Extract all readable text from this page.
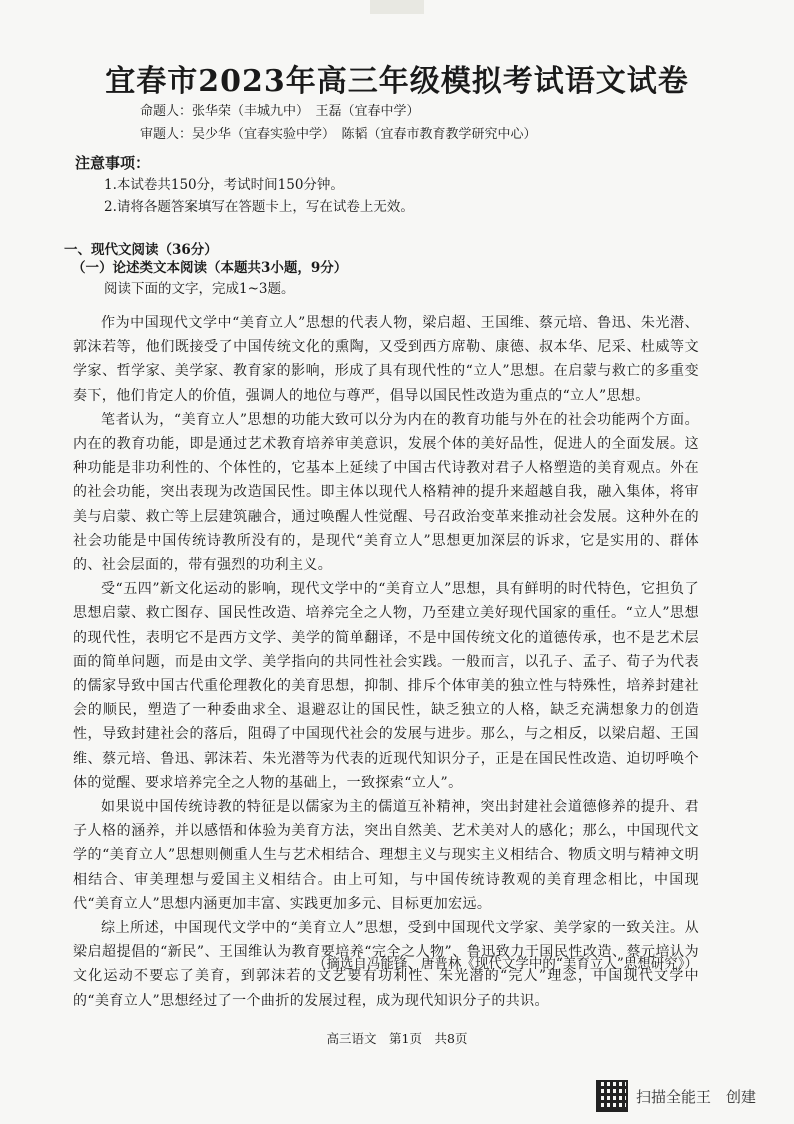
宜春市2023年高三年级模拟考试语文试卷
命题人：张华荣（丰城九中）　王磊（宜春中学）
审题人：吴少华（宜春实验中学）　陈韬（宜春市教育教学研究中心）
注意事项：
1.本试卷共150分，考试时间150分钟。
2.请将各题答案填写在答题卡上，写在试卷上无效。
一、现代文阅读（36分）
（一）论述类文本阅读（本题共3小题，9分）
阅读下面的文字，完成1~3题。

作为中国现代文学中“美育立人”思想的代表人物，梁启超、王国维、蔡元培、鲁迅、朱光潜、郭沫若等，他们既接受了中国传统文化的熏陶，又受到西方席勒、康德、叔本华、尼采、杜威等文学家、哲学家、美学家、教育家的影响，形成了具有现代性的“立人”思想。在启蒙与救亡的多重变奏下，他们肯定人的价值，强调人的地位与尊严，倡导以国民性改造为重点的“立人”思想。

笔者认为，“美育立人”思想的功能大致可以分为内在的教育功能与外在的社会功能两个方面。内在的教育功能，即是通过艺术教育培养审美意识，发展个体的美好品性，促进人的全面发展。这种功能是非功利性的、个体性的，它基本上延续了中国古代诗教对君子人格塑造的美育观点。外在的社会功能，突出表现为改造国民性。即主体以现代人格精神的提升来超越自我，融入集体，将审美与启蒙、救亡等上层建筑融合，通过唤醒人性觉醒、号召政治变革来推动社会发展。这种外在的社会功能是中国传统诗教所没有的，是现代“美育立人”思想更加深层的诉求，它是实用的、群体的、社会层面的，带有强烈的功利主义。

受“五四”新文化运动的影响，现代文学中的“美育立人”思想，具有鲜明的时代特色，它担负了思想启蒙、救亡图存、国民性改造、培养完全之人物，乃至建立美好现代国家的重任。“立人”思想的现代性，表明它不是西方文学、美学的简单翻译，不是中国传统文化的道德传承，也不是艺术层面的简单问题，而是由文学、美学指向的共同性社会实践。一般而言，以孔子、孟子、荀子为代表的儒家导致中国古代重伦理教化的美育思想，抑制、排斥个体审美的独立性与特殊性，培养封建社会的顺民，塑造了一种委曲求全、退避忍让的国民性，缺乏独立的人格，缺乏充满想象力的创造性，导致封建社会的落后，阻碍了中国现代社会的发展与进步。那么，与之相反，以梁启超、王国维、蔡元培、鲁迅、郭沫若、朱光潜等为代表的近现代知识分子，正是在国民性改造、迫切呼唤个体的觉醒、要求培养完全之人物的基础上，一致探索“立人”。

如果说中国传统诗教的特征是以儒家为主的儒道互补精神，突出封建社会道德修养的提升、君子人格的涵养，并以感悟和体验为美育方法，突出自然美、艺术美对人的感化；那么，中国现代文学的“美育立人”思想则侧重人生与艺术相结合、理想主义与现实主义相结合、物质文明与精神文明相结合、审美理想与爱国主义相结合。由上可知，与中国传统诗教观的美育理念相比，中国现代“美育立人”思想内涵更加丰富、实践更加多元、目标更加宏远。

综上所述，中国现代文学中的“美育立人”思想，受到中国现代文学家、美学家的一致关注。从梁启超提倡的“新民”、王国维认为教育要培养“完全之人物”、鲁迅致力于国民性改造、蔡元培认为文化运动不要忘了美育，到郭沫若的文艺要有功利性、朱光潜的“完人”理念，中国现代文学中的“美育立人”思想经过了一个曲折的发展过程，成为现代知识分子的共识。

（摘选自冯能锋、唐普林《现代文学中的“美育立人”思想研究》）
高三语文　第1页　共8页
扫描全能王　创建
